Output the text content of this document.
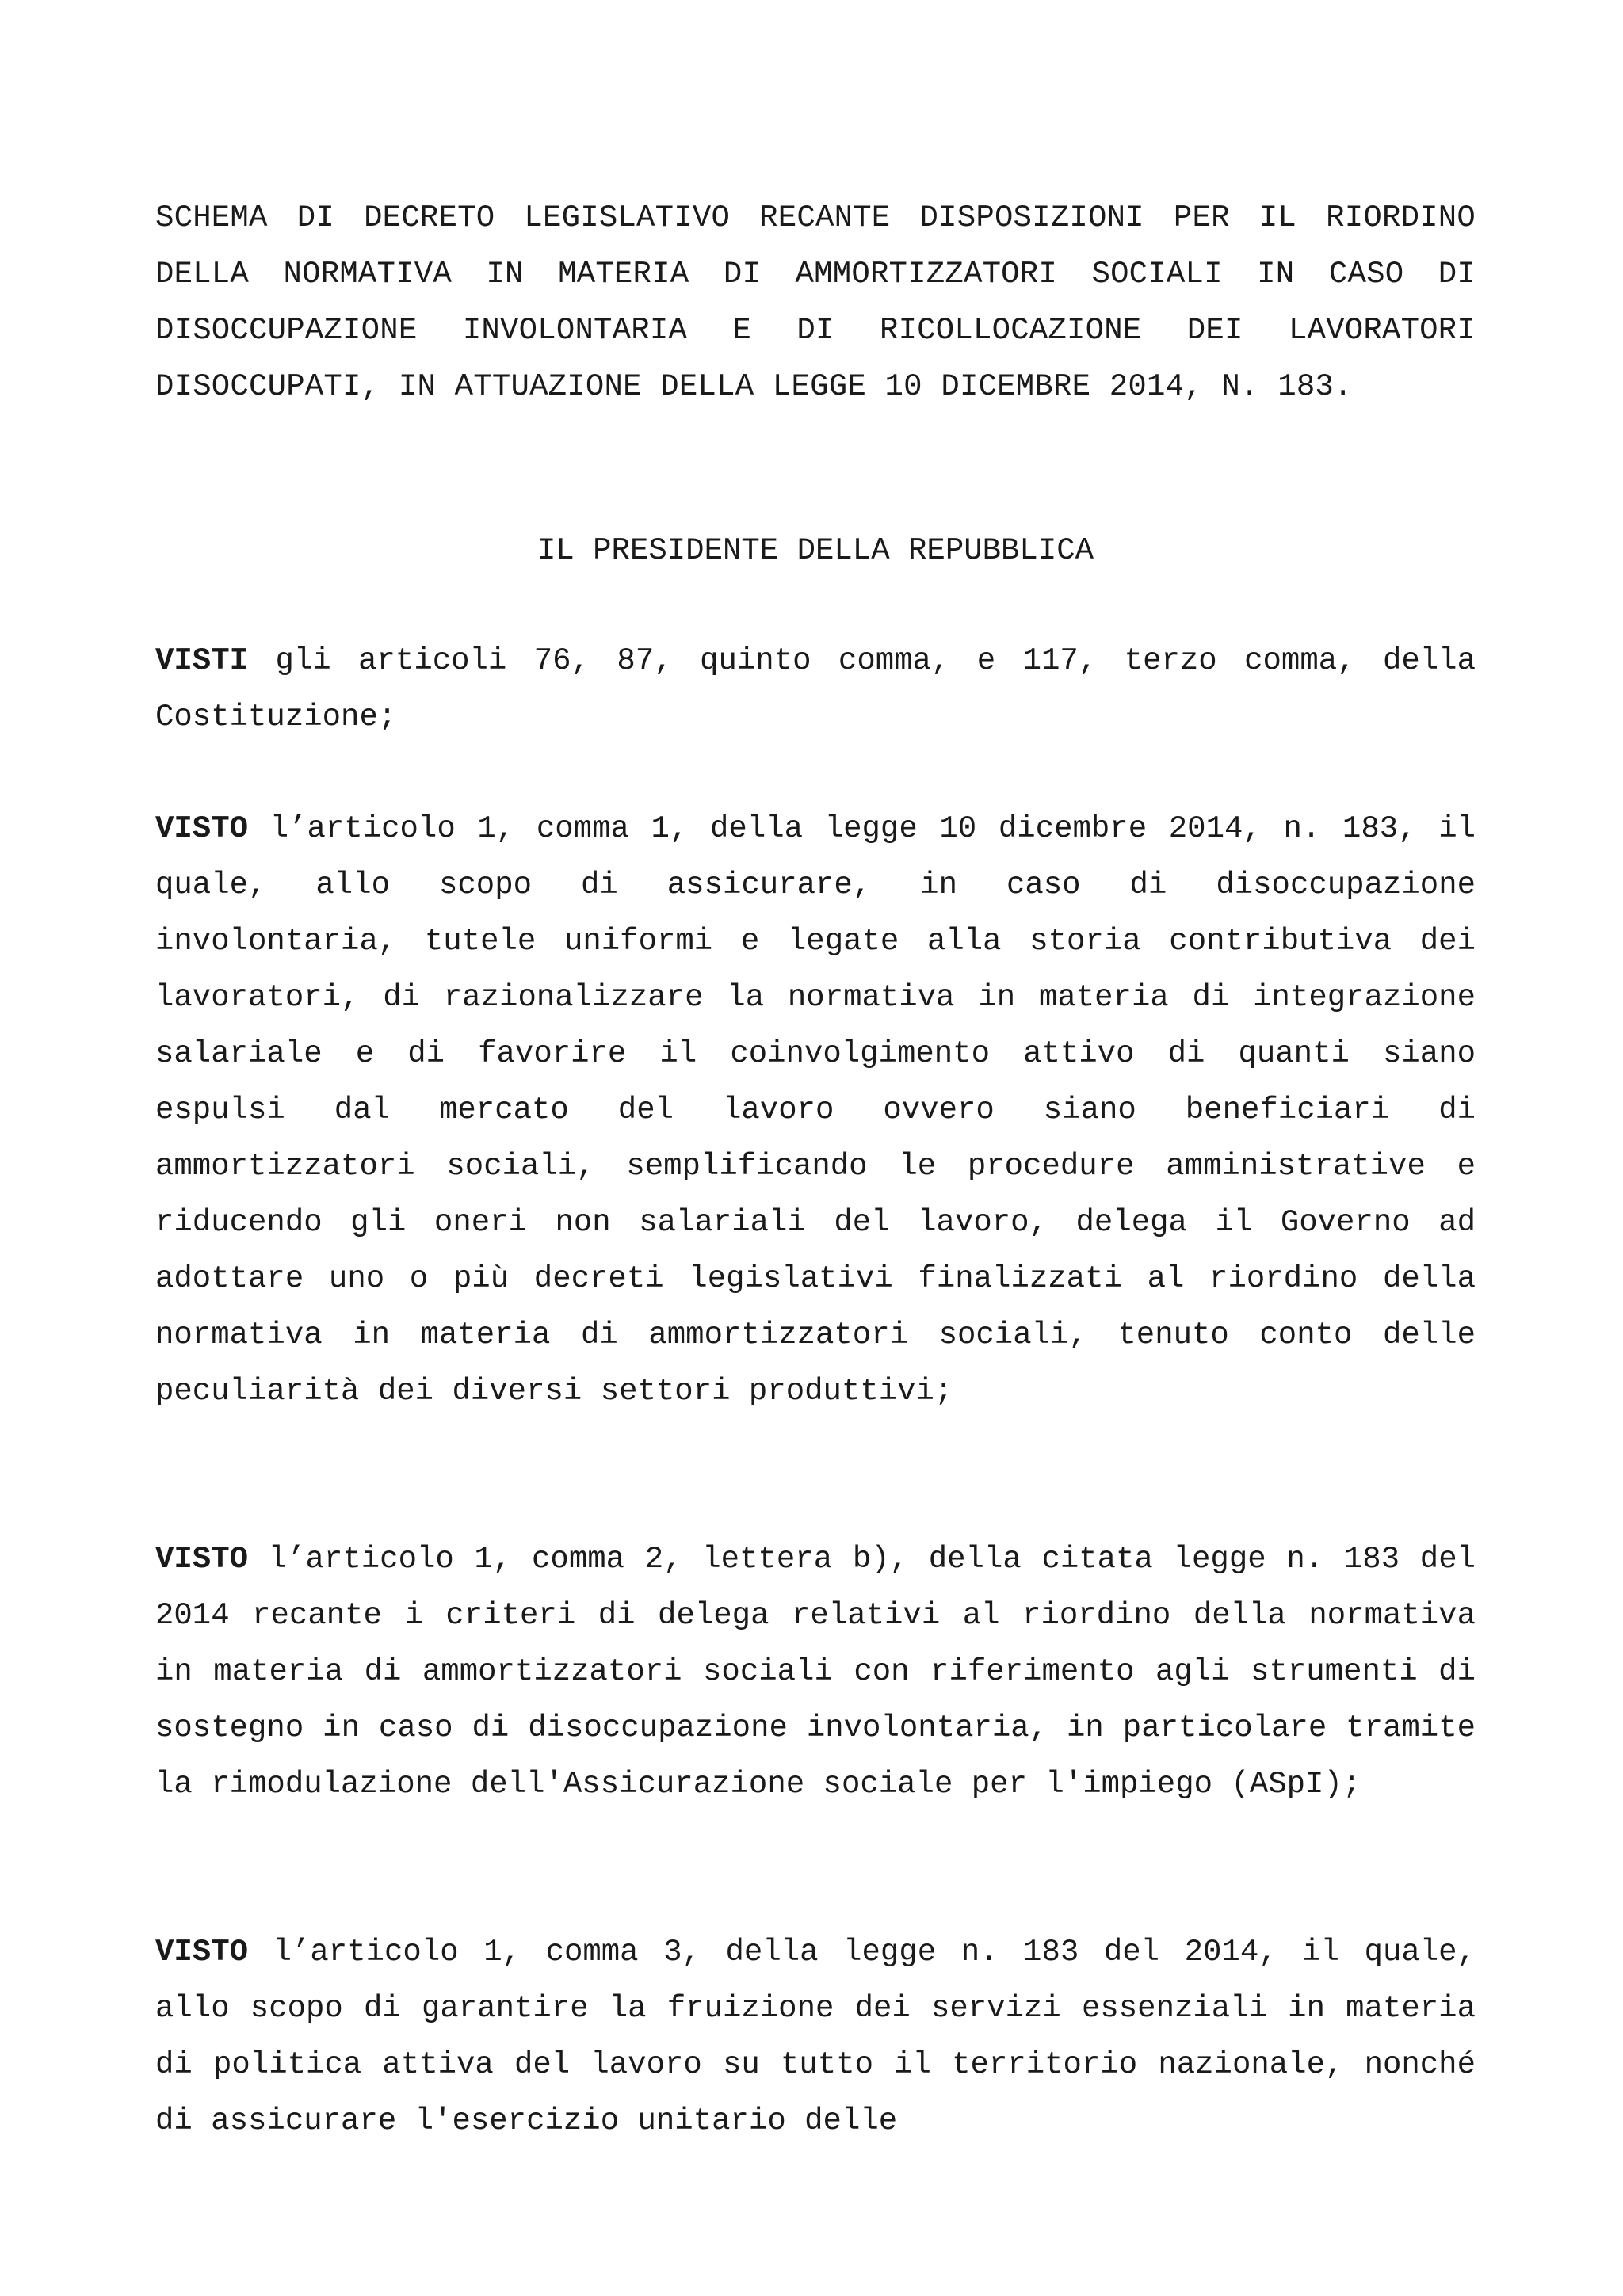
SCHEMA DI DECRETO LEGISLATIVO RECANTE DISPOSIZIONI PER IL RIORDINO DELLA NORMATIVA IN MATERIA DI AMMORTIZZATORI SOCIALI IN CASO DI DISOCCUPAZIONE INVOLONTARIA E DI RICOLLOCAZIONE DEI LAVORATORI DISOCCUPATI, IN ATTUAZIONE DELLA LEGGE 10 DICEMBRE 2014, N. 183.
IL PRESIDENTE DELLA REPUBBLICA

VISTI gli articoli 76, 87, quinto comma, e 117, terzo comma, della Costituzione;

VISTO l’articolo 1, comma 1, della legge 10 dicembre 2014, n. 183, il quale, allo scopo di assicurare, in caso di disoccupazione involontaria, tutele uniformi e legate alla storia contributiva dei lavoratori, di razionalizzare la normativa in materia di integrazione salariale e di favorire il coinvolgimento attivo di quanti siano espulsi dal mercato del lavoro ovvero siano beneficiari di ammortizzatori sociali, semplificando le procedure amministrative e riducendo gli oneri non salariali del lavoro, delega il Governo ad adottare uno o più decreti legislativi finalizzati al riordino della normativa in materia di ammortizzatori sociali, tenuto conto delle peculiarità dei diversi settori produttivi;

VISTO l’articolo 1, comma 2, lettera b), della citata legge n. 183 del 2014 recante i criteri di delega relativi al riordino della normativa in materia di ammortizzatori sociali con riferimento agli strumenti di sostegno in caso di disoccupazione involontaria, in particolare tramite la rimodulazione dell'Assicurazione sociale per l'impiego (ASpI);

VISTO l’articolo 1, comma 3, della legge n. 183 del 2014, il quale, allo scopo di garantire la fruizione dei servizi essenziali in materia di politica attiva del lavoro su tutto il territorio nazionale, nonché di assicurare l'esercizio unitario delle
